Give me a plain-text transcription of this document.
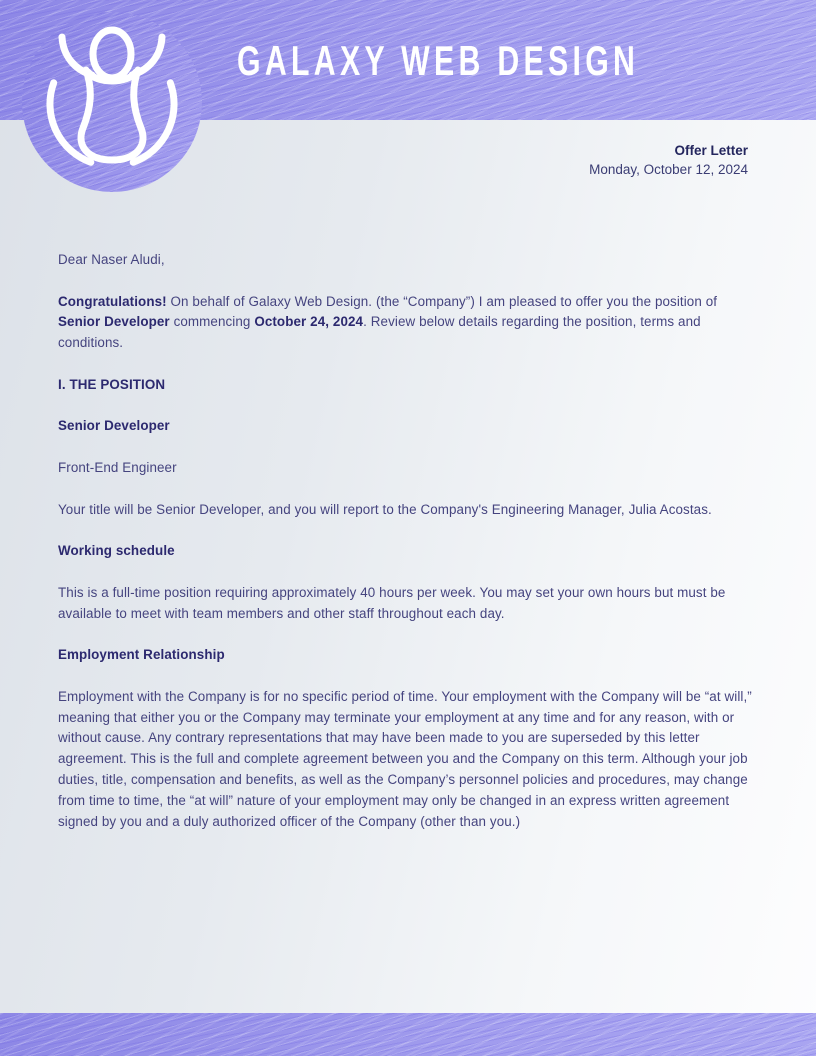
GALAXY WEB DESIGN
Offer Letter
Monday, October 12, 2024

Dear Naser Aludi,

Congratulations! On behalf of Galaxy Web Design. (the “Company”) I am pleased to offer you the position of Senior Developer commencing October 24, 2024. Review below details regarding the position, terms and conditions.

I. THE POSITION

Senior Developer

Front-End Engineer

Your title will be Senior Developer, and you will report to the Company's Engineering Manager, Julia Acostas.

Working schedule

This is a full-time position requiring approximately 40 hours per week. You may set your own hours but must be available to meet with team members and other staff throughout each day.

Employment Relationship

Employment with the Company is for no specific period of time. Your employment with the Company will be “at will,” meaning that either you or the Company may terminate your employment at any time and for any reason, with or without cause. Any contrary representations that may have been made to you are superseded by this letter agreement. This is the full and complete agreement between you and the Company on this term. Although your job duties, title, compensation and benefits, as well as the Company’s personnel policies and procedures, may change from time to time, the “at will” nature of your employment may only be changed in an express written agreement signed by you and a duly authorized officer of the Company (other than you.)
